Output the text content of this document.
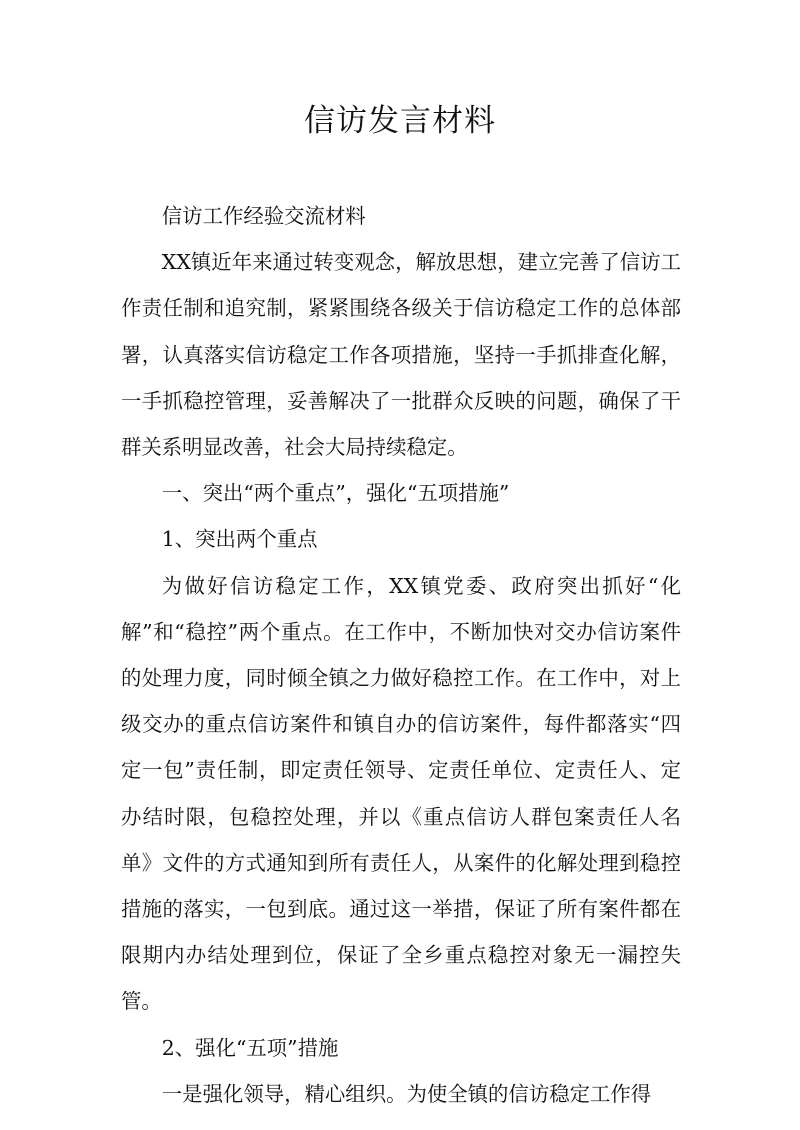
信访发言材料

信访工作经验交流材料

XX镇近年来通过转变观念，解放思想，建立完善了信访工作责任制和追究制，紧紧围绕各级关于信访稳定工作的总体部署，认真落实信访稳定工作各项措施，坚持一手抓排查化解，一手抓稳控管理，妥善解决了一批群众反映的问题，确保了干群关系明显改善，社会大局持续稳定。

一、突出“两个重点”，强化“五项措施”

1、突出两个重点

为做好信访稳定工作，XX镇党委、政府突出抓好“化解”和“稳控”两个重点。在工作中，不断加快对交办信访案件的处理力度，同时倾全镇之力做好稳控工作。在工作中，对上级交办的重点信访案件和镇自办的信访案件，每件都落实“四定一包”责任制，即定责任领导、定责任单位、定责任人、定办结时限，包稳控处理，并以《重点信访人群包案责任人名单》文件的方式通知到所有责任人，从案件的化解处理到稳控措施的落实，一包到底。通过这一举措，保证了所有案件都在限期内办结处理到位，保证了全乡重点稳控对象无一漏控失管。

2、强化“五项”措施

一是强化领导，精心组织。为使全镇的信访稳定工作得
